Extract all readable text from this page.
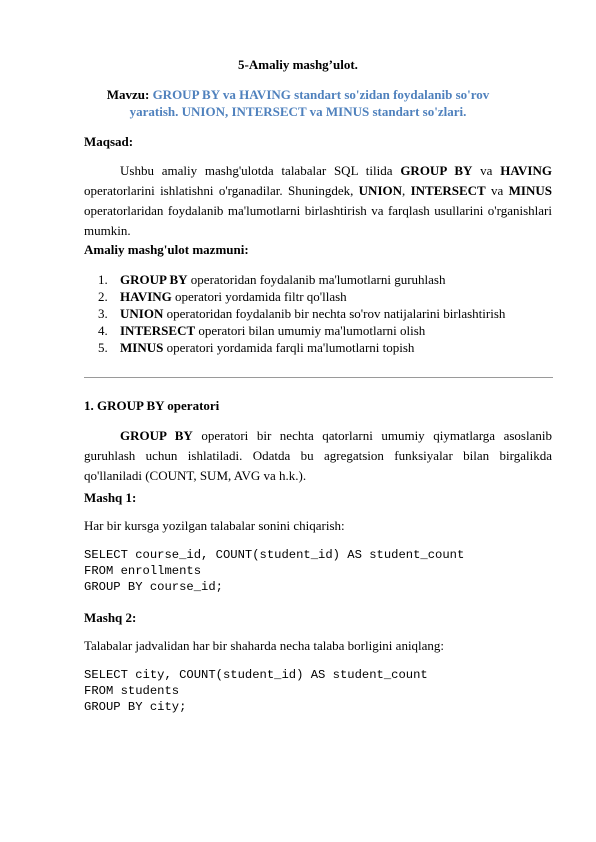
5-Amaliy mashg’ulot.
Mavzu: GROUP BY va HAVING standart so'zidan foydalanib so'rov
yaratish. UNION, INTERSECT va MINUS standart so'zlari.
Maqsad:
Ushbu amaliy mashg'ulotda talabalar SQL tilida GROUP BY va HAVING operatorlarini ishlatishni o'rganadilar. Shuningdek, UNION, INTERSECT va MINUS operatorlaridan foydalanib ma'lumotlarni birlashtirish va farqlash usullarini o'rganishlari mumkin.
Amaliy mashg'ulot mazmuni:
1. GROUP BY operatoridan foydalanib ma'lumotlarni guruhlash
2. HAVING operatori yordamida filtr qo'llash
3. UNION operatoridan foydalanib bir nechta so'rov natijalarini birlashtirish
4. INTERSECT operatori bilan umumiy ma'lumotlarni olish
5. MINUS operatori yordamida farqli ma'lumotlarni topish
1. GROUP BY operatori
GROUP BY operatori bir nechta qatorlarni umumiy qiymatlarga asoslanib guruhlash uchun ishlatiladi. Odatda bu agregatsion funksiyalar bilan birgalikda qo'llaniladi (COUNT, SUM, AVG va h.k.).
Mashq 1:
Har bir kursga yozilgan talabalar sonini chiqarish:
SELECT course_id, COUNT(student_id) AS student_count
FROM enrollments
GROUP BY course_id;
Mashq 2:
Talabalar jadvalidan har bir shaharda necha talaba borligini aniqlang:
SELECT city, COUNT(student_id) AS student_count
FROM students
GROUP BY city;
